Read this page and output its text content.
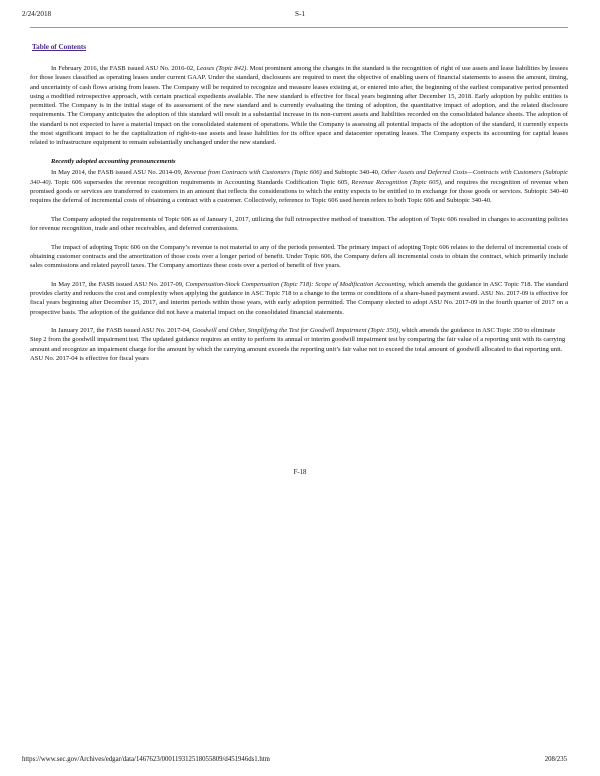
2/24/2018	S-1
Table of Contents

In February 2016, the FASB issued ASU No. 2016-02, Leases (Topic 842). Most prominent among the changes in the standard is the recognition of right of use assets and lease liabilities by lessees for those leases classified as operating leases under current GAAP. Under the standard, disclosures are required to meet the objective of enabling users of financial statements to assess the amount, timing, and uncertainty of cash flows arising from leases. The Company will be required to recognize and measure leases existing at, or entered into after, the beginning of the earliest comparative period presented using a modified retrospective approach, with certain practical expedients available. The new standard is effective for fiscal years beginning after December 15, 2018. Early adoption by public entities is permitted. The Company is in the initial stage of its assessment of the new standard and is currently evaluating the timing of adoption, the quantitative impact of adoption, and the related disclosure requirements. The Company anticipates the adoption of this standard will result in a substantial increase in its non-current assets and liabilities recorded on the consolidated balance sheets. The adoption of the standard is not expected to have a material impact on the consolidated statement of operations. While the Company is assessing all potential impacts of the adoption of the standard, it currently expects the most significant impact to be the capitalization of right-to-use assets and lease liabilities for its office space and datacenter operating leases. The Company expects its accounting for capital leases related to infrastructure equipment to remain substantially unchanged under the new standard.

Recently adopted accounting pronouncements

In May 2014, the FASB issued ASU No. 2014-09, Revenue from Contracts with Customers (Topic 606) and Subtopic 340-40, Other Assets and Deferred Costs—Contracts with Customers (Subtopic 340-40). Topic 606 supersedes the revenue recognition requirements in Accounting Standards Codification Topic 605, Revenue Recognition (Topic 605), and requires the recognition of revenue when promised goods or services are transferred to customers in an amount that reflects the considerations to which the entity expects to be entitled to in exchange for those goods or services. Subtopic 340-40 requires the deferral of incremental costs of obtaining a contract with a customer. Collectively, reference to Topic 606 used herein refers to both Topic 606 and Subtopic 340-40.

The Company adopted the requirements of Topic 606 as of January 1, 2017, utilizing the full retrospective method of transition. The adoption of Topic 606 resulted in changes to accounting policies for revenue recognition, trade and other receivables, and deferred commissions.

The impact of adopting Topic 606 on the Company’s revenue is not material to any of the periods presented. The primary impact of adopting Topic 606 relates to the deferral of incremental costs of obtaining customer contracts and the amortization of those costs over a longer period of benefit. Under Topic 606, the Company defers all incremental costs to obtain the contract, which primarily include sales commissions and related payroll taxes. The Company amortizes these costs over a period of benefit of five years.

In May 2017, the FASB issued ASU No. 2017-09, Compensation-Stock Compensation (Topic 718): Scope of Modification Accounting, which amends the guidance in ASC Topic 718. The standard provides clarity and reduces the cost and complexity when applying the guidance in ASC Topic 718 to a change to the terms or conditions of a share-based payment award. ASU No. 2017-09 is effective for fiscal years beginning after December 15, 2017, and interim periods within those years, with early adoption permitted. The Company elected to adopt ASU No. 2017-09 in the fourth quarter of 2017 on a prospective basis. The adoption of the guidance did not have a material impact on the consolidated financial statements.

In January 2017, the FASB issued ASU No. 2017-04, Goodwill and Other, Simplifying the Test for Goodwill Impairment (Topic 350), which amends the guidance in ASC Topic 350 to eliminate Step 2 from the goodwill impairment test. The updated guidance requires an entity to perform its annual or interim goodwill impairment test by comparing the fair value of a reporting unit with its carrying amount and recognize an impairment charge for the amount by which the carrying amount exceeds the reporting unit’s fair value not to exceed the total amount of goodwill allocated to that reporting unit. ASU No. 2017-04 is effective for fiscal years

F-18
https://www.sec.gov/Archives/edgar/data/1467623/000119312518055809/d451946ds1.htm	208/235
